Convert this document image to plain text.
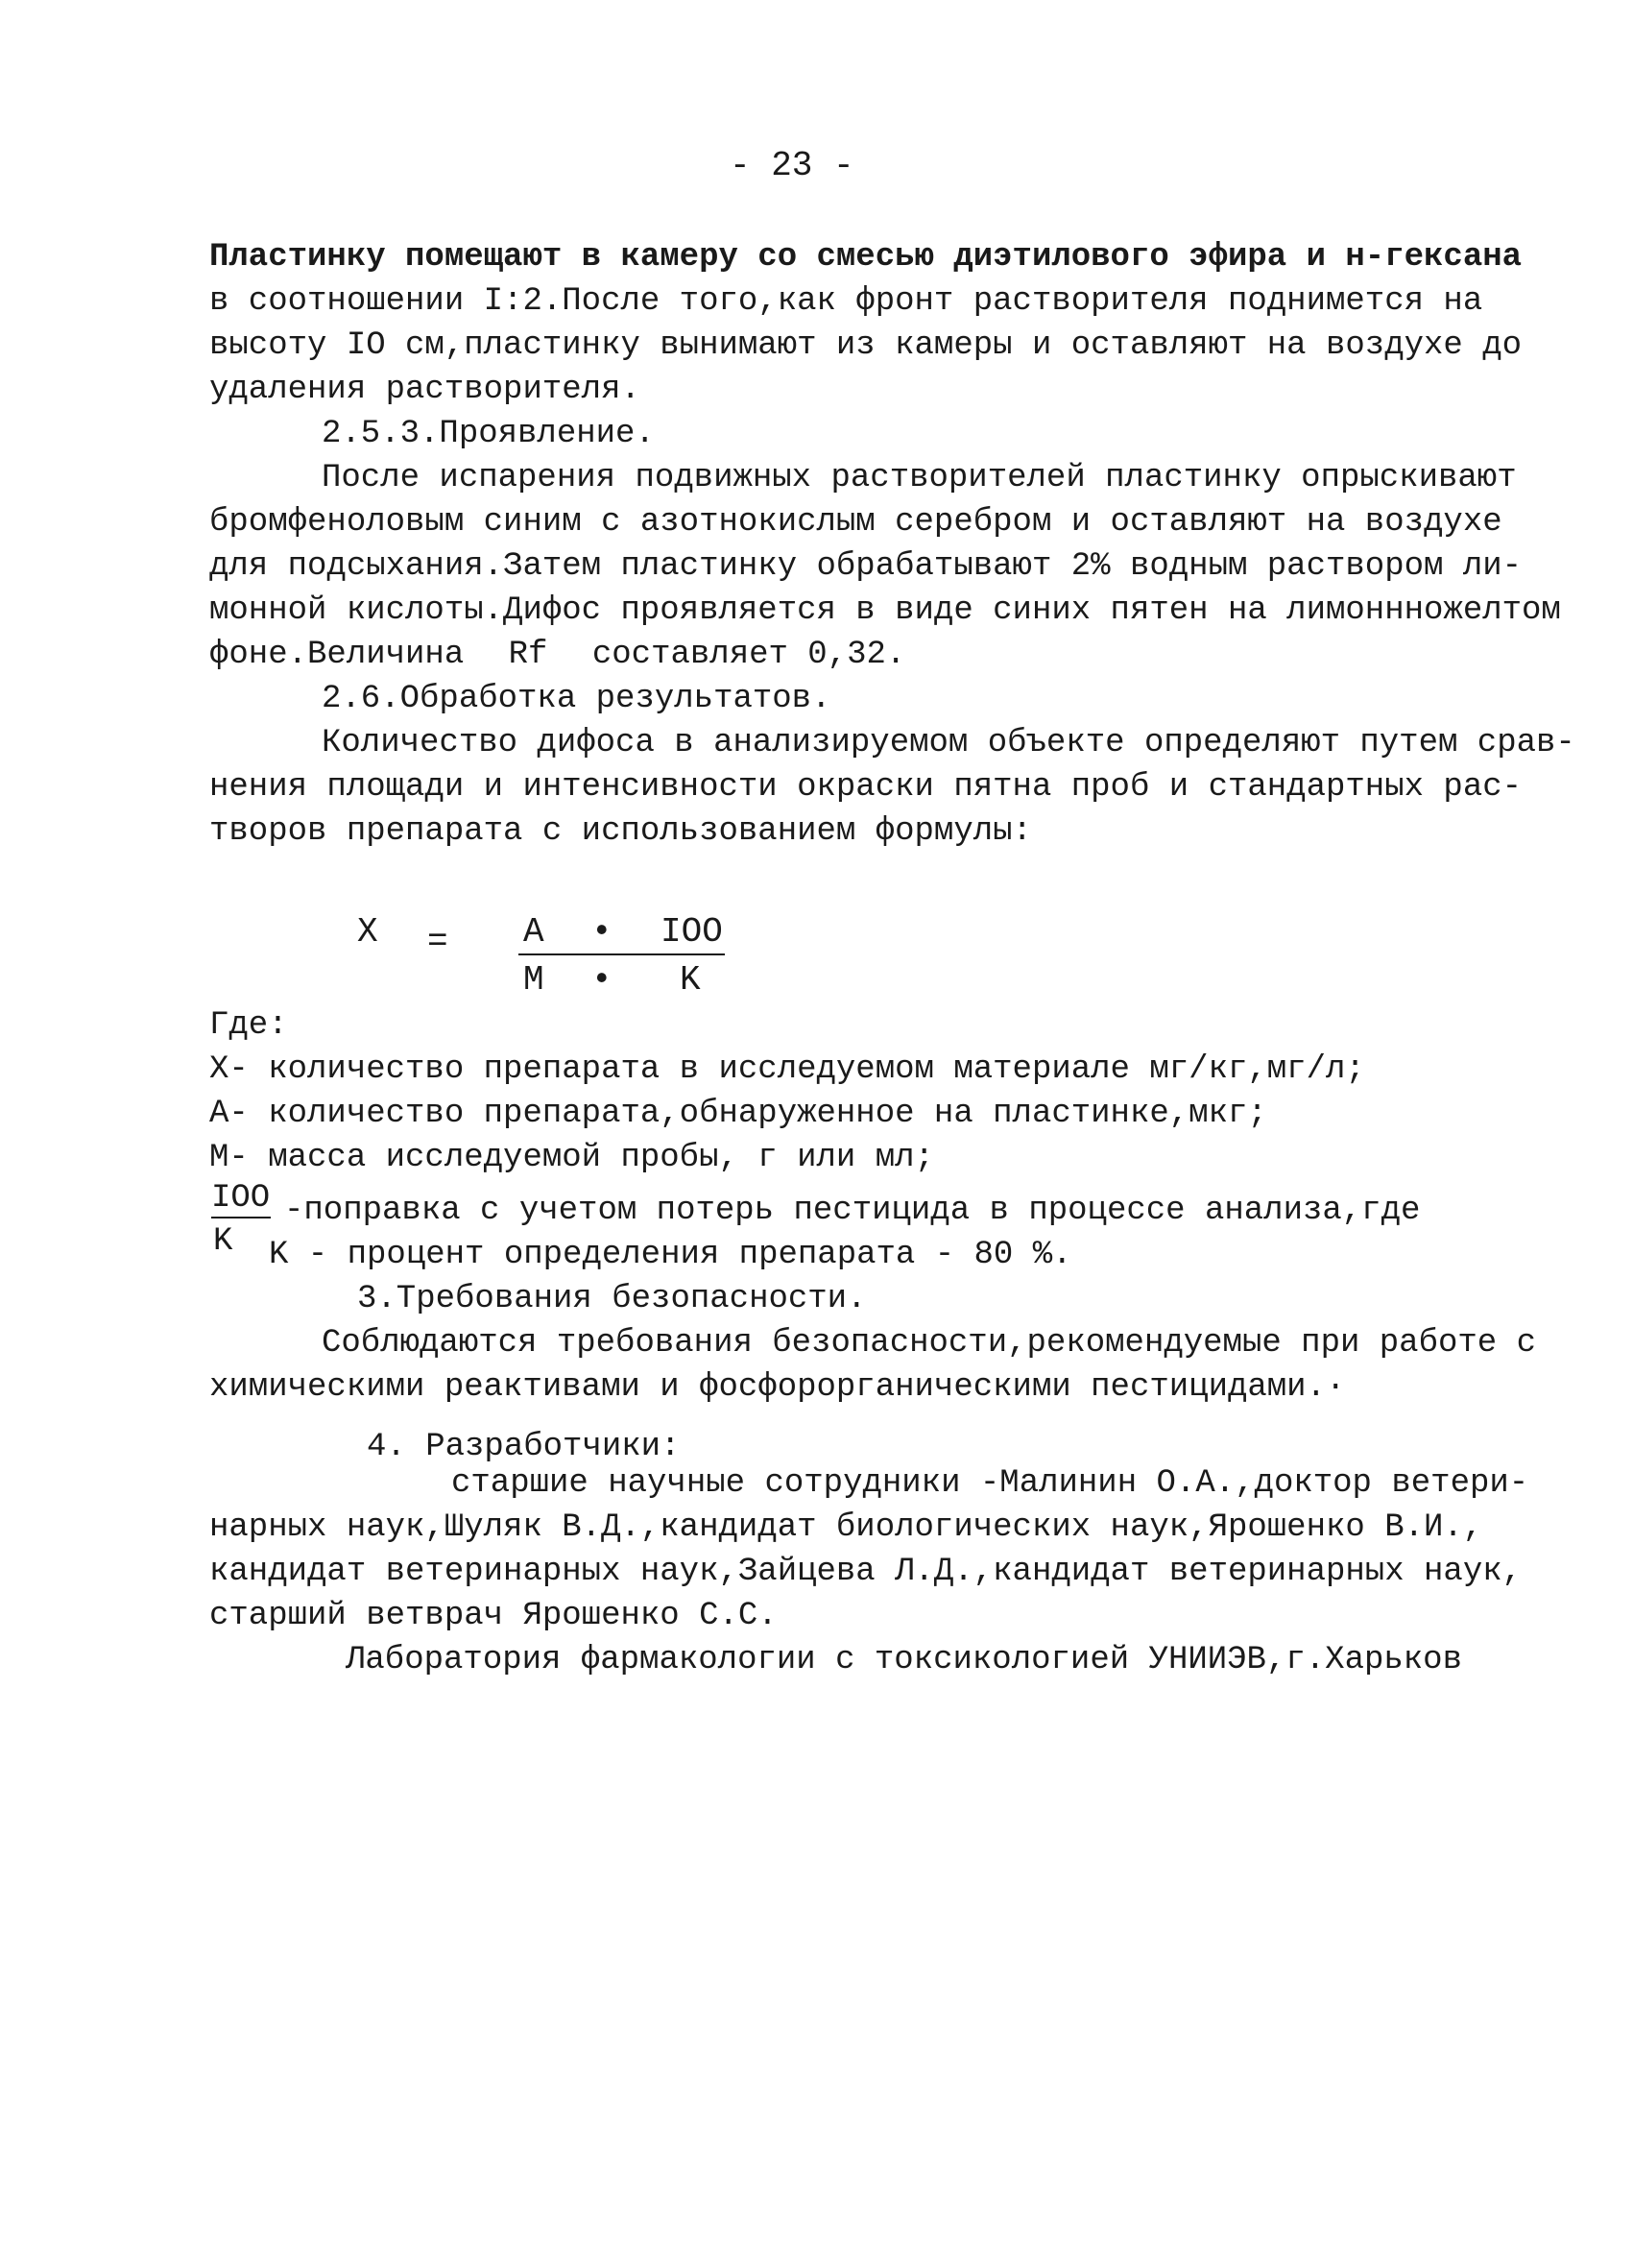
- 23 -
Пластинку помещают в камеру со смесью диэтилового эфира и н-гексана
в соотношении I:2.После того,как фронт растворителя поднимется на
высоту IO см,пластинку вынимают из камеры и оставляют на воздухе до
удаления растворителя.
2.5.3.Проявление.
После испарения подвижных растворителей пластинку опрыскивают
бромфеноловым синим с азотнокислым серебром и оставляют на воздухе
для подсыхания.Затем пластинку обрабатывают 2% водным раствором ли-
монной кислоты.Дифос проявляется в виде синих пятен на лимоннножелтом
фоне.Величина Rf составляет 0,32.
2.6.Обработка результатов.
Количество дифоса в анализируемом объекте определяют путем срав-
нения площади и интенсивности окраски пятна проб и стандартных рас-
творов препарата с использованием формулы:
X = A • IOO
M • K
Где:
X- количество препарата в исследуемом материале мг/кг,мг/л;
A- количество препарата,обнаруженное на пластинке,мкг;
M- масса исследуемой пробы, г или мл;
IOO
K
-поправка с учетом потерь пестицида в процессе анализа,где
K - процент определения препарата - 80 %.
3.Требования безопасности.
Соблюдаются требования безопасности,рекомендуемые при работе с
химическими реактивами и фосфорорганическими пестицидами.·
4. Разработчики:
старшие научные сотрудники -Малинин О.А.,доктор ветери-
нарных наук,Шуляк В.Д.,кандидат биологических наук,Ярошенко В.И.,
кандидат ветеринарных наук,Зайцева Л.Д.,кандидат ветеринарных наук,
старший ветврач Ярошенко С.С.
Лаборатория фармакологии с токсикологией УНИИЭВ,г.Харьков
